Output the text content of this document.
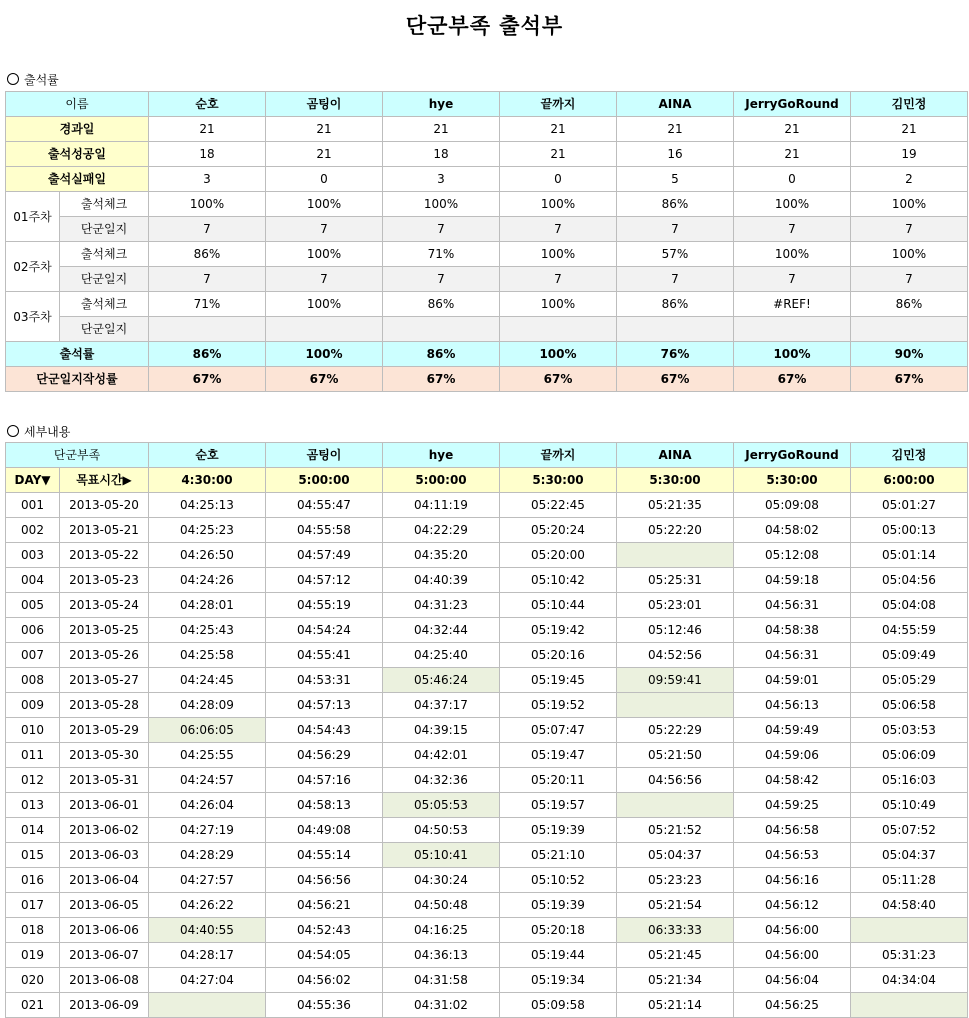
단군부족 출석부
출석률
이름		순호	곰팅이	hye	끝까지	AINA	JerryGoRound	김민정
경과일		21	21	21	21	21	21	21
출석성공일		18	21	18	21	16	21	19
출석실패일		3	0	3	0	5	0	2
01주차	출석체크	100%	100%	100%	100%	86%	100%	100%
	단군일지	7	7	7	7	7	7	7
02주차	출석체크	86%	100%	71%	100%	57%	100%	100%
	단군일지	7	7	7	7	7	7	7
03주차	출석체크	71%	100%	86%	100%	86%	#REF!	86%
	단군일지							
출석률		86%	100%	86%	100%	76%	100%	90%
단군일지작성률		67%	67%	67%	67%	67%	67%	67%
세부내용
단군부족		순호	곰팅이	hye	끝까지	AINA	JerryGoRound	김민정
DAY▼	목표시간▶	4:30:00	5:00:00	5:00:00	5:30:00	5:30:00	5:30:00	6:00:00
001	2013-05-20	04:25:13	04:55:47	04:11:19	05:22:45	05:21:35	05:09:08	05:01:27
002	2013-05-21	04:25:23	04:55:58	04:22:29	05:20:24	05:22:20	04:58:02	05:00:13
003	2013-05-22	04:26:50	04:57:49	04:35:20	05:20:00		05:12:08	05:01:14
004	2013-05-23	04:24:26	04:57:12	04:40:39	05:10:42	05:25:31	04:59:18	05:04:56
005	2013-05-24	04:28:01	04:55:19	04:31:23	05:10:44	05:23:01	04:56:31	05:04:08
006	2013-05-25	04:25:43	04:54:24	04:32:44	05:19:42	05:12:46	04:58:38	04:55:59
007	2013-05-26	04:25:58	04:55:41	04:25:40	05:20:16	04:52:56	04:56:31	05:09:49
008	2013-05-27	04:24:45	04:53:31	05:46:24	05:19:45	09:59:41	04:59:01	05:05:29
009	2013-05-28	04:28:09	04:57:13	04:37:17	05:19:52		04:56:13	05:06:58
010	2013-05-29	06:06:05	04:54:43	04:39:15	05:07:47	05:22:29	04:59:49	05:03:53
011	2013-05-30	04:25:55	04:56:29	04:42:01	05:19:47	05:21:50	04:59:06	05:06:09
012	2013-05-31	04:24:57	04:57:16	04:32:36	05:20:11	04:56:56	04:58:42	05:16:03
013	2013-06-01	04:26:04	04:58:13	05:05:53	05:19:57		04:59:25	05:10:49
014	2013-06-02	04:27:19	04:49:08	04:50:53	05:19:39	05:21:52	04:56:58	05:07:52
015	2013-06-03	04:28:29	04:55:14	05:10:41	05:21:10	05:04:37	04:56:53	05:04:37
016	2013-06-04	04:27:57	04:56:56	04:30:24	05:10:52	05:23:23	04:56:16	05:11:28
017	2013-06-05	04:26:22	04:56:21	04:50:48	05:19:39	05:21:54	04:56:12	04:58:40
018	2013-06-06	04:40:55	04:52:43	04:16:25	05:20:18	06:33:33	04:56:00	
019	2013-06-07	04:28:17	04:54:05	04:36:13	05:19:44	05:21:45	04:56:00	05:31:23
020	2013-06-08	04:27:04	04:56:02	04:31:58	05:19:34	05:21:34	04:56:04	04:34:04
021	2013-06-09		04:55:36	04:31:02	05:09:58	05:21:14	04:56:25	
